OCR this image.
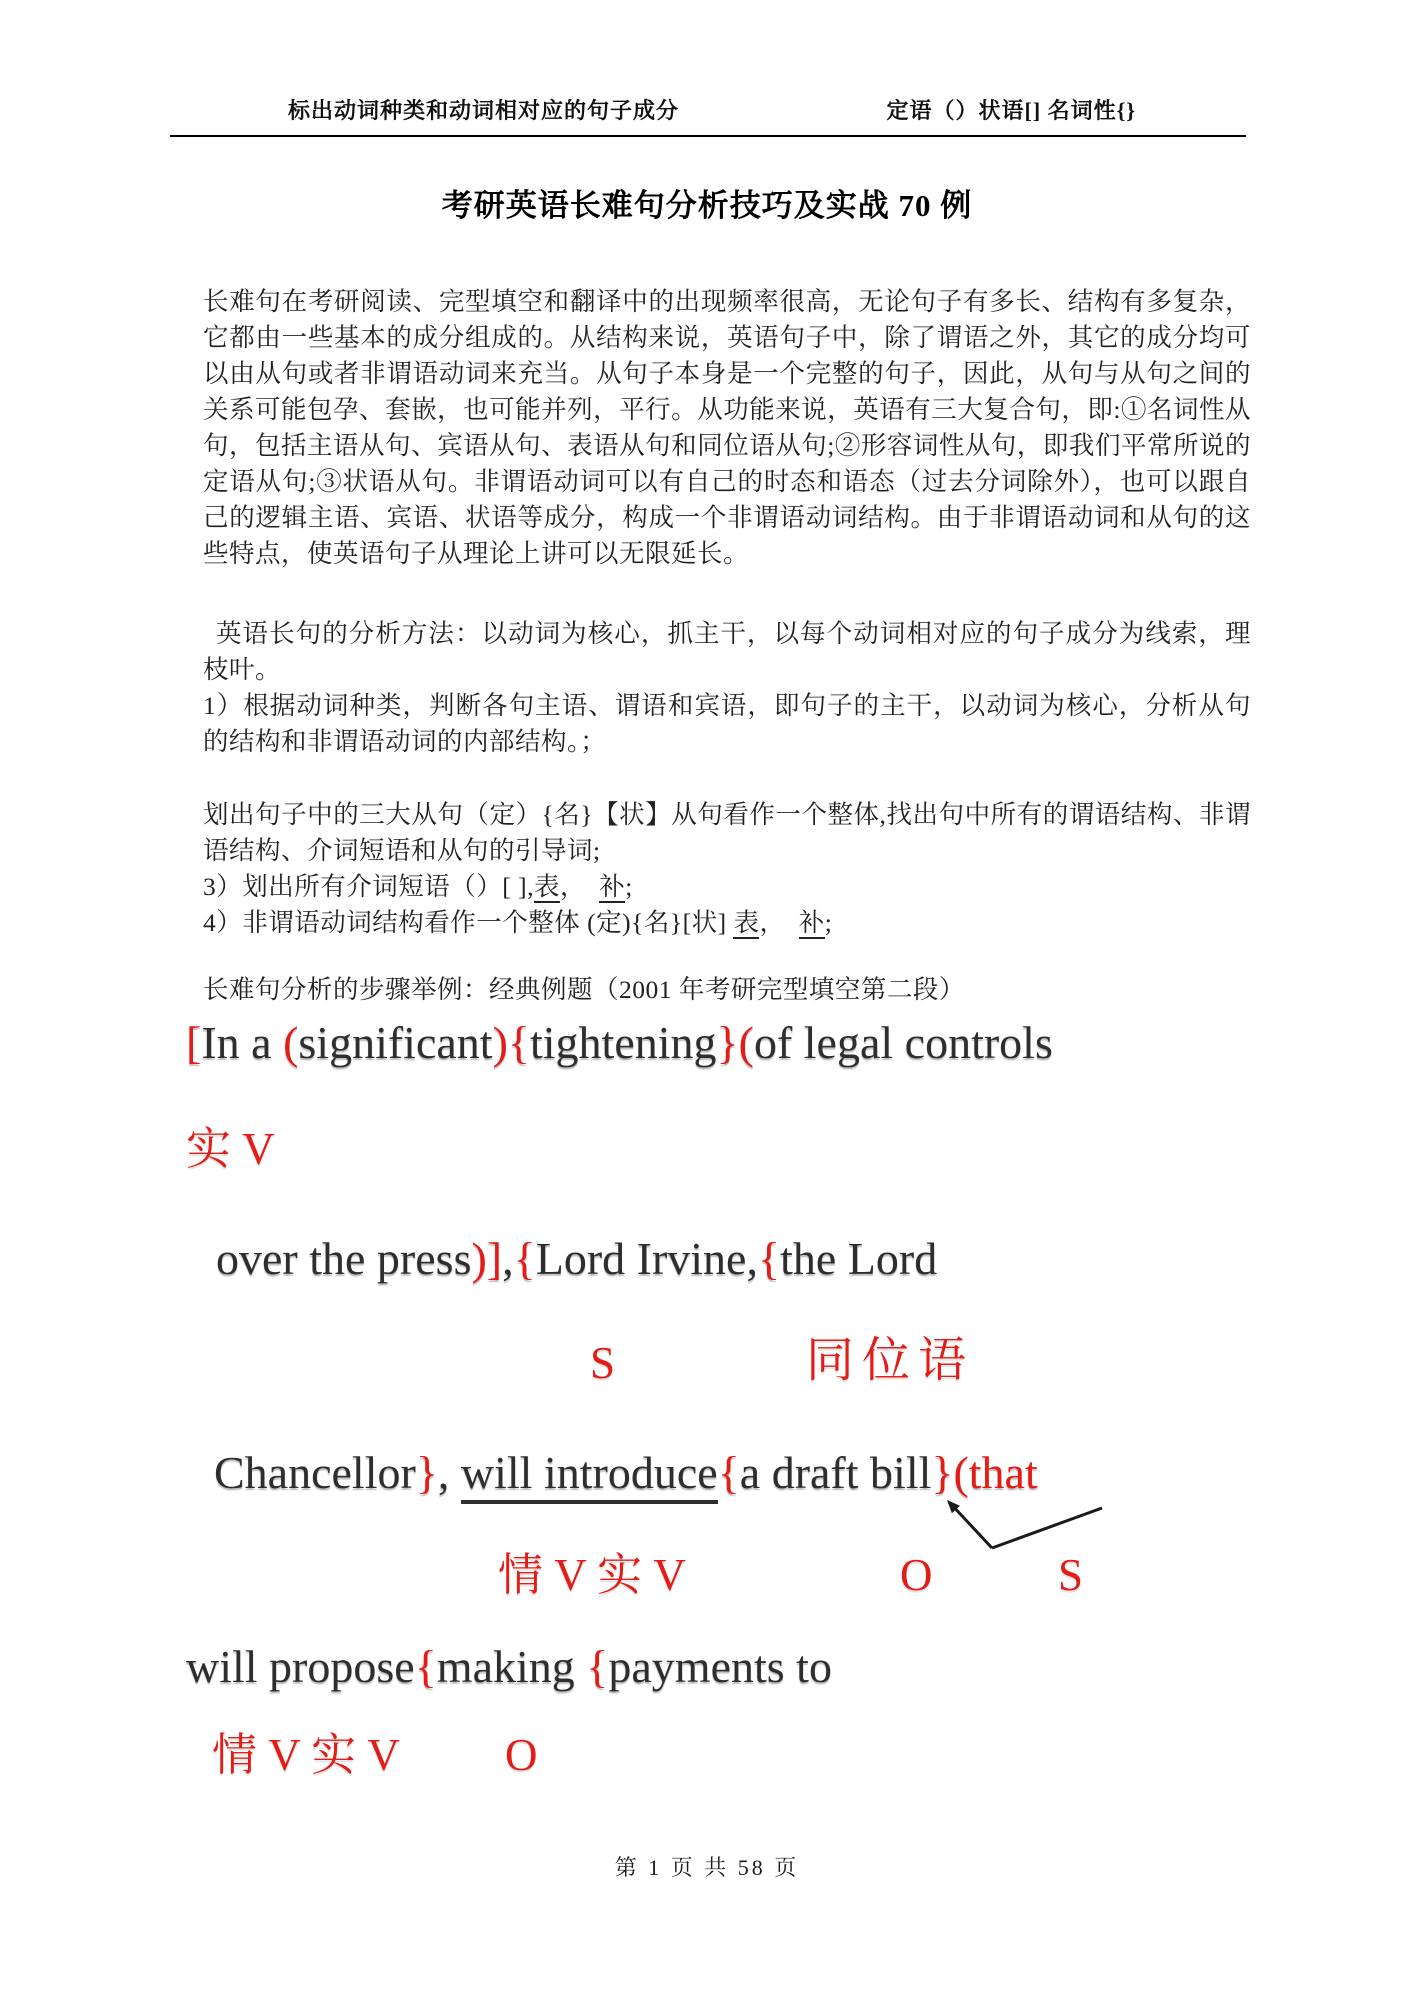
标出动词种类和动词相对应的句子成分	定语（）状语[] 名词性{}
考研英语长难句分析技巧及实战 70 例

长难句在考研阅读、完型填空和翻译中的出现频率很高，无论句子有多长、结构有多复杂，它都由一些基本的成分组成的。从结构来说，英语句子中，除了谓语之外，其它的成分均可以由从句或者非谓语动词来充当。从句子本身是一个完整的句子，因此，从句与从句之间的关系可能包孕、套嵌，也可能并列，平行。从功能来说，英语有三大复合句，即:①名词性从句，包括主语从句、宾语从句、表语从句和同位语从句;②形容词性从句，即我们平常所说的定语从句;③状语从句。非谓语动词可以有自己的时态和语态（过去分词除外），也可以跟自己的逻辑主语、宾语、状语等成分，构成一个非谓语动词结构。由于非谓语动词和从句的这些特点，使英语句子从理论上讲可以无限延长。

英语长句的分析方法：以动词为核心，抓主干，以每个动词相对应的句子成分为线索，理枝叶。

1）根据动词种类，判断各句主语、谓语和宾语，即句子的主干，以动词为核心，分析从句的结构和非谓语动词的内部结构。；

划出句子中的三大从句（定）{名}【状】从句看作一个整体,找出句中所有的谓语结构、非谓语结构、介词短语和从句的引导词;

3）划出所有介词短语（）[ ],表，　补;

4）非谓语动词结构看作一个整体 (定){名}[状] 表，　补;

长难句分析的步骤举例：经典例题（2001 年考研完型填空第二段）
[In a (significant){tightening}(of legal controls
实 V
over the press)],{Lord Irvine,{the Lord
S	同位语
Chancellor}, will introduce{a draft bill}(that
情 V 实 V	O	S
will propose{making {payments to
情 V 实 V O
第 1 页 共 58 页
